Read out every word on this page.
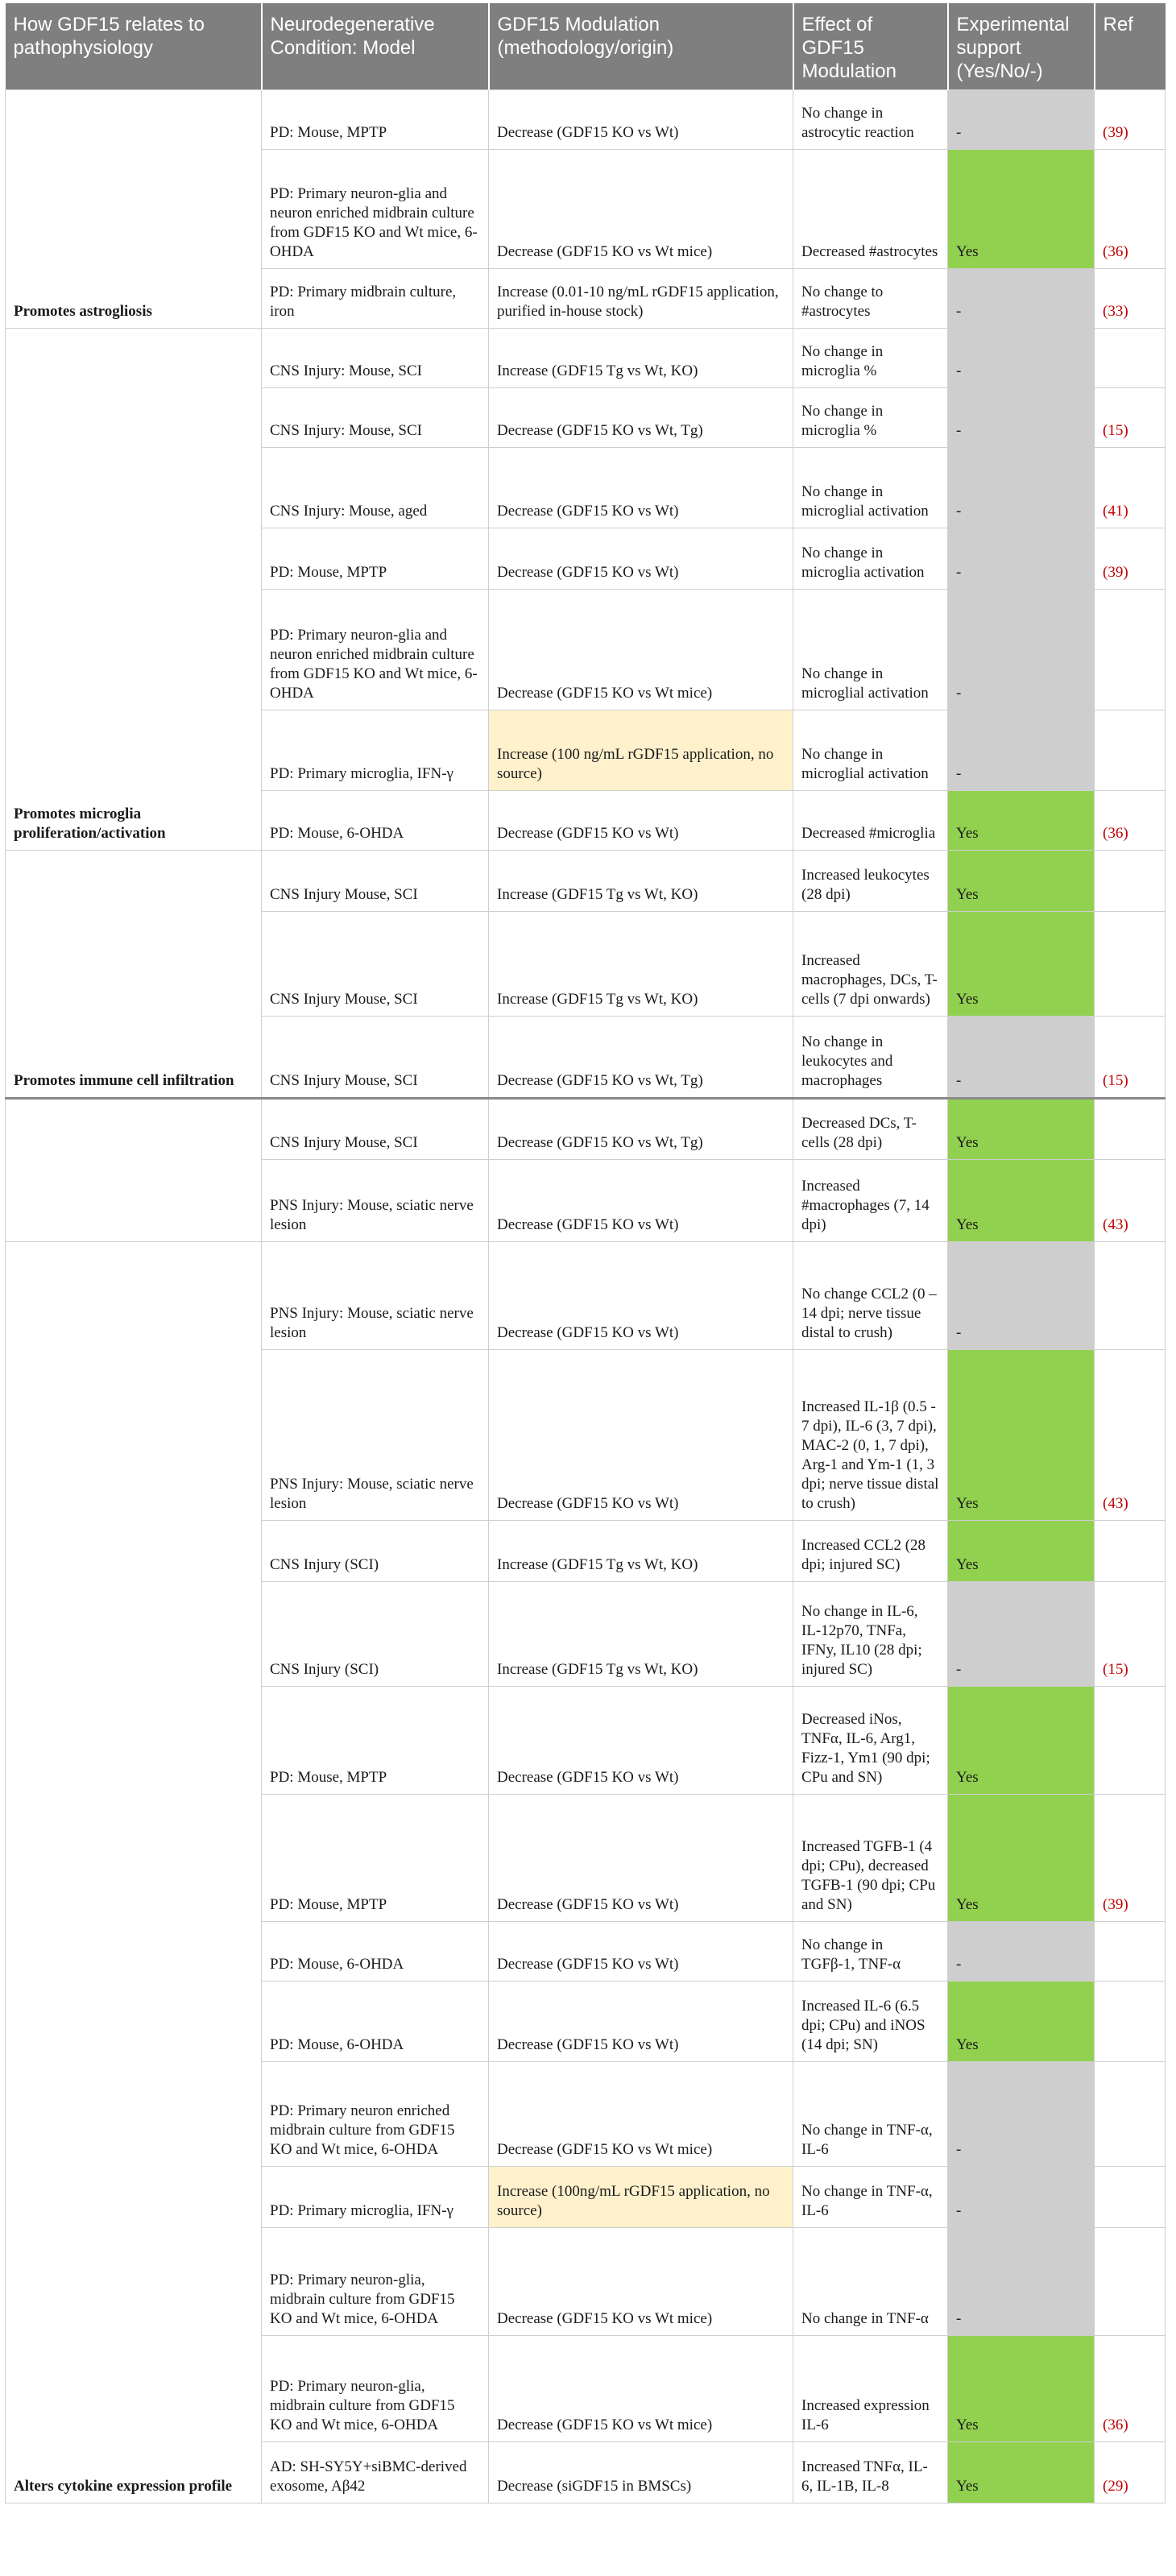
How GDF15 relates to pathophysiology	Neurodegenerative Condition: Model	GDF15 Modulation (methodology/origin)	Effect of GDF15 Modulation	Experimental support (Yes/No/-)	Ref
Promotes astrogliosis	PD: Mouse, MPTP	Decrease (GDF15 KO vs Wt)	No change in astrocytic reaction	-	(39)
	PD: Primary neuron-glia and neuron enriched midbrain culture from GDF15 KO and Wt mice, 6-OHDA	Decrease (GDF15 KO vs Wt mice)	Decreased #astrocytes	Yes	(36)
	PD: Primary midbrain culture, iron	Increase (0.01-10 ng/mL rGDF15 application, purified in-house stock)	No change to #astrocytes	-	(33)
Promotes microglia proliferation/activation	CNS Injury: Mouse, SCI	Increase (GDF15 Tg vs Wt, KO)	No change in microglia %	-	
	CNS Injury: Mouse, SCI	Decrease (GDF15 KO vs Wt, Tg)	No change in microglia %	-	(15)
	CNS Injury: Mouse, aged	Decrease (GDF15 KO vs Wt)	No change in microglial activation	-	(41)
	PD: Mouse, MPTP	Decrease (GDF15 KO vs Wt)	No change in microglia activation	-	(39)
	PD: Primary neuron-glia and neuron enriched midbrain culture from GDF15 KO and Wt mice, 6-OHDA	Decrease (GDF15 KO vs Wt mice)	No change in microglial activation	-	
	PD: Primary microglia, IFN-γ	Increase (100 ng/mL rGDF15 application, no source)	No change in microglial activation	-	
	PD: Mouse, 6-OHDA	Decrease (GDF15 KO vs Wt)	Decreased #microglia	Yes	(36)
Promotes immune cell infiltration	CNS Injury Mouse, SCI	Increase (GDF15 Tg vs Wt, KO)	Increased leukocytes (28 dpi)	Yes	
	CNS Injury Mouse, SCI	Increase (GDF15 Tg vs Wt, KO)	Increased macrophages, DCs, T-cells (7 dpi onwards)	Yes	
	CNS Injury Mouse, SCI	Decrease (GDF15 KO vs Wt, Tg)	No change in leukocytes and macrophages	-	(15)
	CNS Injury Mouse, SCI	Decrease (GDF15 KO vs Wt, Tg)	Decreased DCs, T-cells (28 dpi)	Yes	
	PNS Injury: Mouse, sciatic nerve lesion	Decrease (GDF15 KO vs Wt)	Increased #macrophages (7, 14 dpi)	Yes	(43)
Alters cytokine expression profile	PNS Injury: Mouse, sciatic nerve lesion	Decrease (GDF15 KO vs Wt)	No change CCL2 (0 – 14 dpi; nerve tissue distal to crush)	-	
	PNS Injury: Mouse, sciatic nerve lesion	Decrease (GDF15 KO vs Wt)	Increased IL-1β (0.5 - 7 dpi), IL-6 (3, 7 dpi), MAC-2 (0, 1, 7 dpi), Arg-1 and Ym-1 (1, 3 dpi; nerve tissue distal to crush)	Yes	(43)
	CNS Injury (SCI)	Increase (GDF15 Tg vs Wt, KO)	Increased CCL2 (28 dpi; injured SC)	Yes	
	CNS Injury (SCI)	Increase (GDF15 Tg vs Wt, KO)	No change in IL-6, IL-12p70, TNFa, IFNy, IL10 (28 dpi; injured SC)	-	(15)
	PD: Mouse, MPTP	Decrease (GDF15 KO vs Wt)	Decreased iNos, TNFα, IL-6, Arg1, Fizz-1, Ym1 (90 dpi; CPu and SN)	Yes	
	PD: Mouse, MPTP	Decrease (GDF15 KO vs Wt)	Increased TGFB-1 (4 dpi; CPu), decreased TGFB-1 (90 dpi; CPu and SN)	Yes	(39)
	PD: Mouse, 6-OHDA	Decrease (GDF15 KO vs Wt)	No change in TGFβ-1, TNF-α	-	
	PD: Mouse, 6-OHDA	Decrease (GDF15 KO vs Wt)	Increased IL-6 (6.5 dpi; CPu) and iNOS (14 dpi; SN)	Yes	
	PD: Primary neuron enriched midbrain culture from GDF15 KO and Wt mice, 6-OHDA	Decrease (GDF15 KO vs Wt mice)	No change in TNF-α, IL-6	-	
	PD: Primary microglia, IFN-γ	Increase (100ng/mL rGDF15 application, no source)	No change in TNF-α, IL-6	-	
	PD: Primary neuron-glia, midbrain culture from GDF15 KO and Wt mice, 6-OHDA	Decrease (GDF15 KO vs Wt mice)	No change in TNF-α	-	
	PD: Primary neuron-glia, midbrain culture from GDF15 KO and Wt mice, 6-OHDA	Decrease (GDF15 KO vs Wt mice)	Increased expression IL-6	Yes	(36)
	AD: SH-SY5Y+siBMC-derived exosome, Aβ42	Decrease (siGDF15 in BMSCs)	Increased TNFα, IL-6, IL-1B, IL-8	Yes	(29)
